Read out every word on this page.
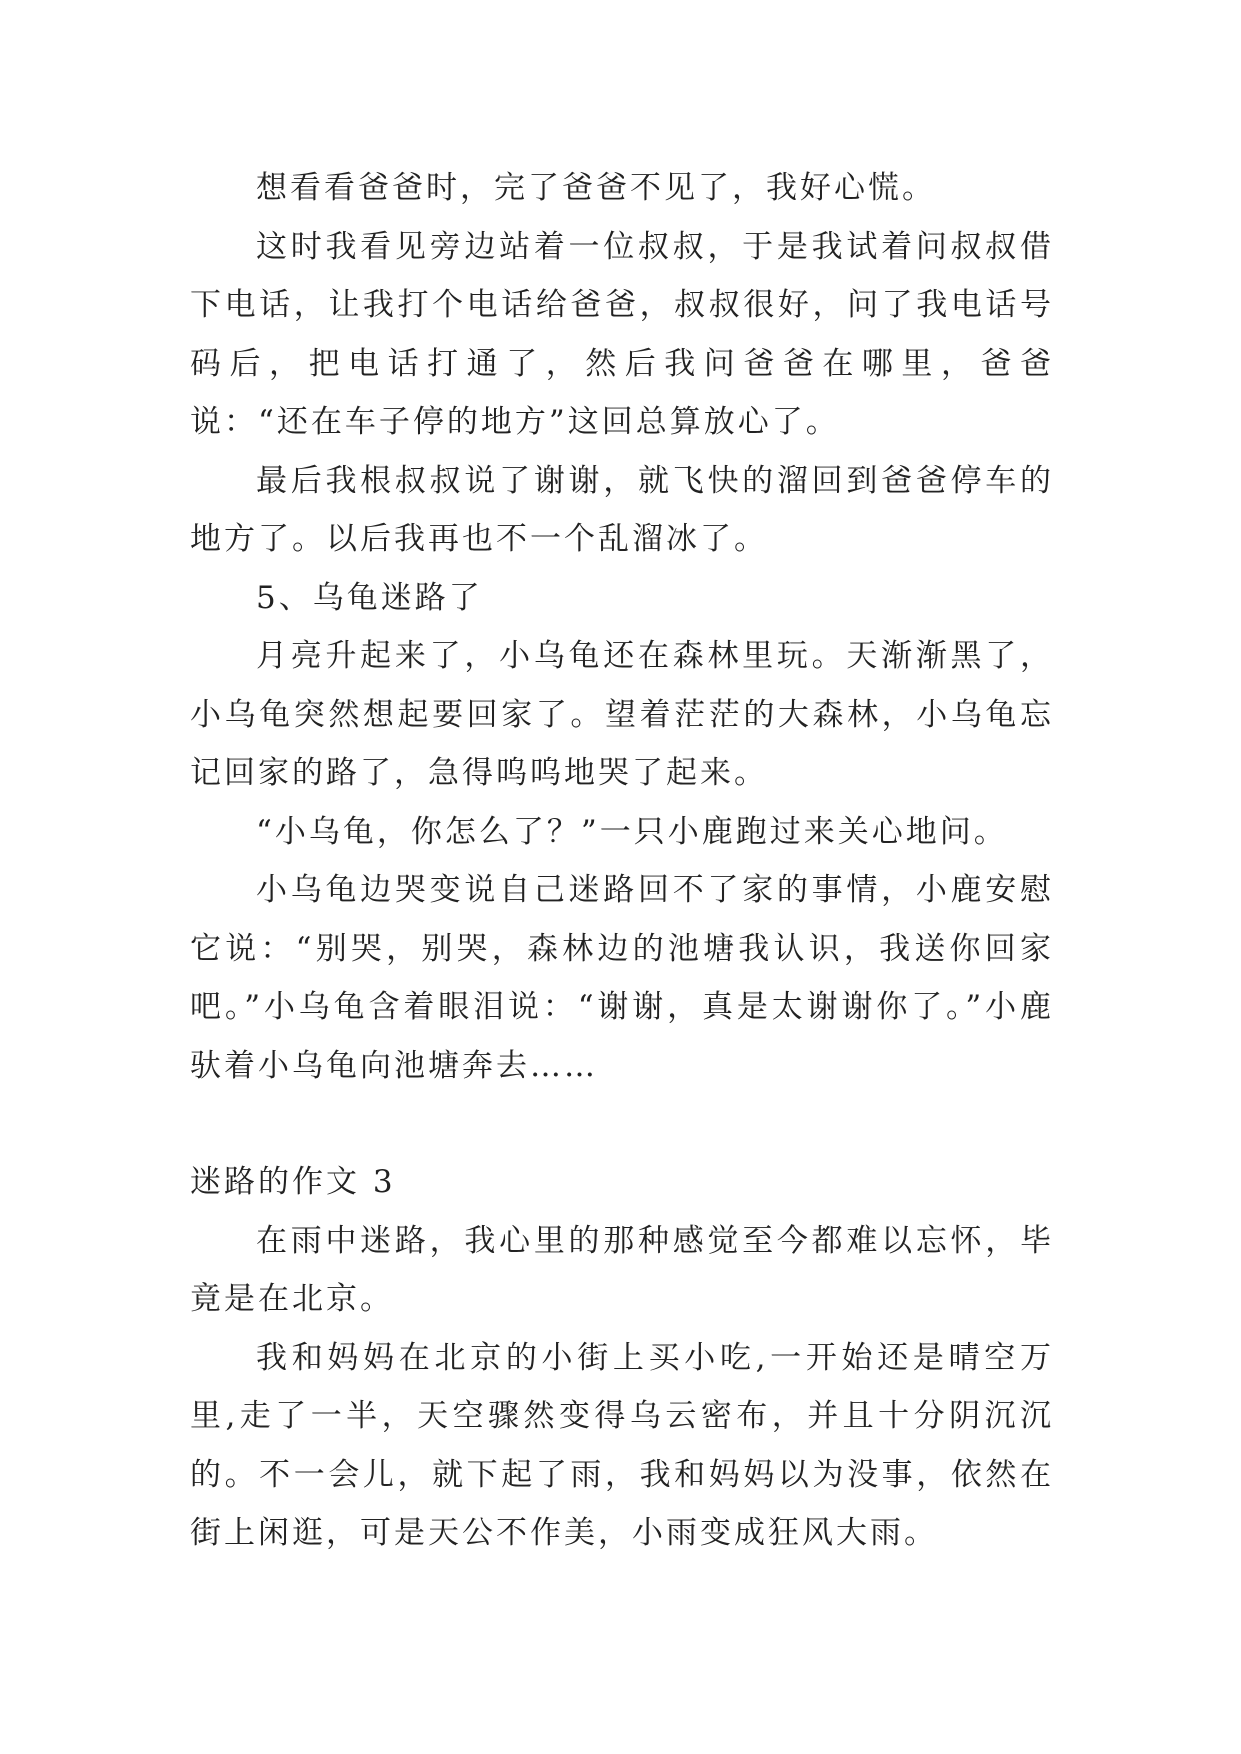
想看看爸爸时，完了爸爸不见了，我好心慌。

这时我看见旁边站着一位叔叔，于是我试着问叔叔借下电话，让我打个电话给爸爸，叔叔很好，问了我电话号码后，把电话打通了，然后我问爸爸在哪里，爸爸说：“还在车子停的地方”这回总算放心了。

最后我根叔叔说了谢谢，就飞快的溜回到爸爸停车的地方了。以后我再也不一个乱溜冰了。

5、乌龟迷路了

月亮升起来了，小乌龟还在森林里玩。天渐渐黑了，小乌龟突然想起要回家了。望着茫茫的大森林，小乌龟忘记回家的路了，急得呜呜地哭了起来。

“小乌龟，你怎么了？”一只小鹿跑过来关心地问。

小乌龟边哭变说自己迷路回不了家的事情，小鹿安慰它说：“别哭，别哭，森林边的池塘我认识，我送你回家吧。”小乌龟含着眼泪说：“谢谢，真是太谢谢你了。”小鹿驮着小乌龟向池塘奔去……

迷路的作文 3

在雨中迷路，我心里的那种感觉至今都难以忘怀，毕竟是在北京。

我和妈妈在北京的小街上买小吃,一开始还是晴空万里,走了一半，天空骤然变得乌云密布，并且十分阴沉沉的。不一会儿，就下起了雨，我和妈妈以为没事，依然在街上闲逛，可是天公不作美，小雨变成狂风大雨。
